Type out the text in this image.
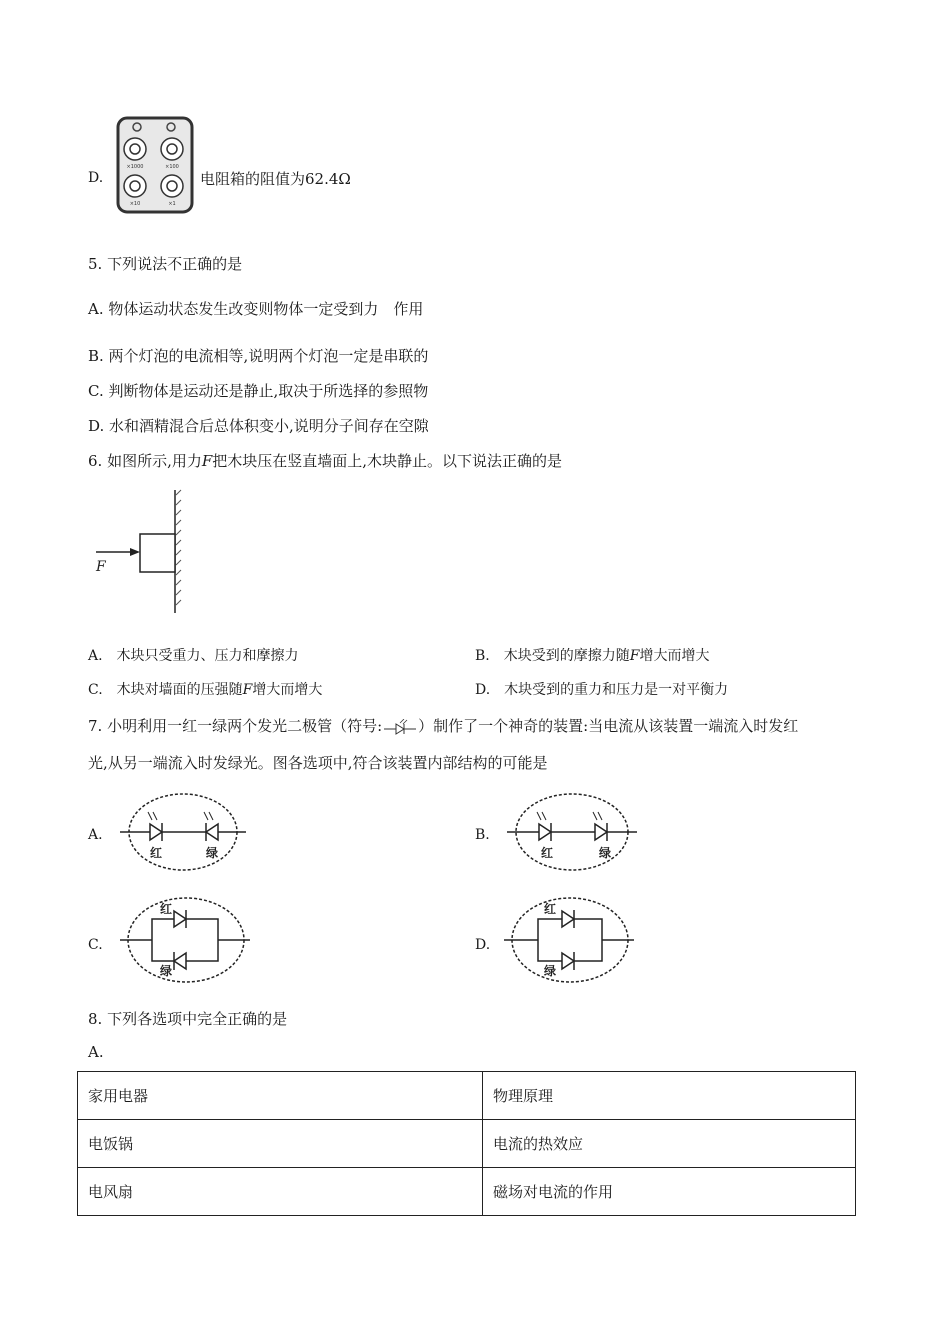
D.
×1000	×100
×10	×1
电阻箱的阻值为62.4Ω
5. 下列说法不正确的是
A. 物体运动状态发生改变则物体一定受到力　作用
B. 两个灯泡的电流相等,说明两个灯泡一定是串联的
C. 判断物体是运动还是静止,取决于所选择的参照物
D. 水和酒精混合后总体积变小,说明分子间存在空隙
6. 如图所示,用力F把木块压在竖直墙面上,木块静止。以下说法正确的是
F
A.　木块只受重力、压力和摩擦力	B.　木块受到的摩擦力随F增大而增大
C.　木块对墙面的压强随F增大而增大	D.　木块受到的重力和压力是一对平衡力
7. 小明利用一红一绿两个发光二极管（符号: ）制作了一个神奇的装置:当电流从该装置一端流入时发红
光,从另一端流入时发绿光。图各选项中,符合该装置内部结构的可能是
A.
红	绿
B.
红	绿
C.
红
绿
D.
红
绿
8. 下列各选项中完全正确的是
A.
家用电器	物理原理
电饭锅	电流的热效应
电风扇	磁场对电流的作用
